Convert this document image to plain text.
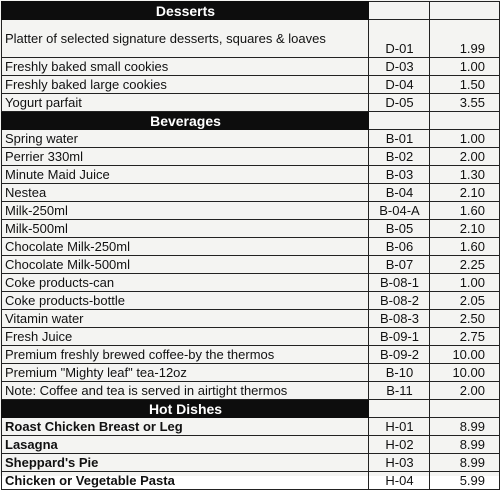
Desserts		
Platter of selected signature desserts, squares & loaves	D-01	1.99
Freshly baked small cookies	D-03	1.00
Freshly baked large cookies	D-04	1.50
Yogurt parfait	D-05	3.55
Beverages		
Spring water	B-01	1.00
Perrier 330ml	B-02	2.00
Minute Maid Juice	B-03	1.30
Nestea	B-04	2.10
Milk-250ml	B-04-A	1.60
Milk-500ml	B-05	2.10
Chocolate Milk-250ml	B-06	1.60
Chocolate Milk-500ml	B-07	2.25
Coke products-can	B-08-1	1.00
Coke products-bottle	B-08-2	2.05
Vitamin water	B-08-3	2.50
Fresh Juice	B-09-1	2.75
Premium freshly brewed coffee-by the thermos	B-09-2	10.00
Premium "Mighty leaf" tea-12oz	B-10	10.00
Note: Coffee and tea is served in airtight thermos	B-11	2.00
Hot Dishes		
Roast Chicken Breast or Leg	H-01	8.99
Lasagna	H-02	8.99
Sheppard's Pie	H-03	8.99
Chicken or Vegetable Pasta	H-04	5.99
